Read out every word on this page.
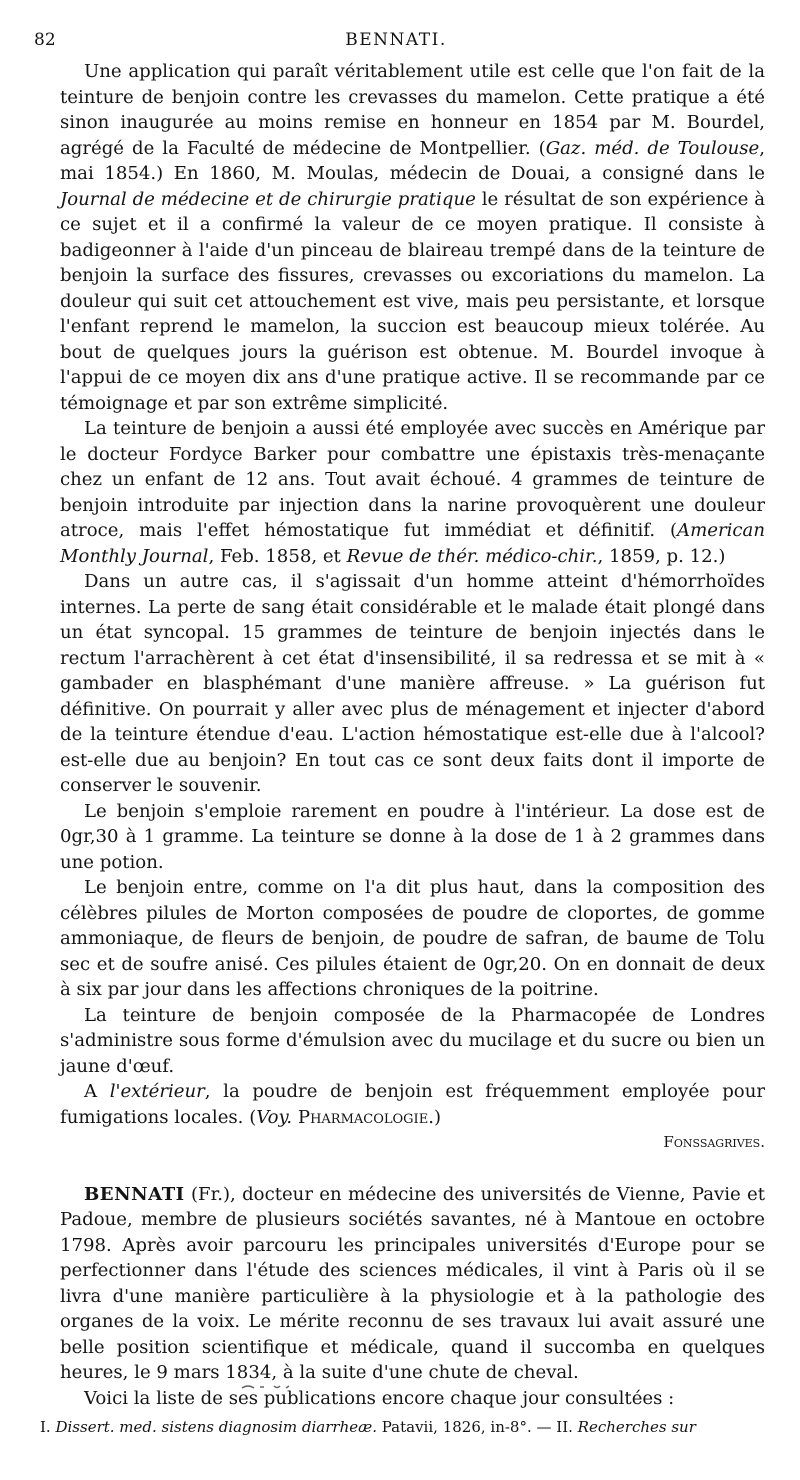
82	BENNATI.

Une application qui paraît véritablement utile est celle que l'on fait de la teinture de benjoin contre les crevasses du mamelon. Cette pratique a été sinon inaugurée au moins remise en honneur en 1854 par M. Bourdel, agrégé de la Faculté de médecine de Montpellier. (Gaz. méd. de Toulouse, mai 1854.) En 1860, M. Moulas, médecin de Douai, a consigné dans le Journal de médecine et de chirurgie pratique le résultat de son expérience à ce sujet et il a confirmé la valeur de ce moyen pratique. Il consiste à badigeonner à l'aide d'un pinceau de blaireau trempé dans de la teinture de benjoin la surface des fissures, crevasses ou excoriations du mamelon. La douleur qui suit cet attouchement est vive, mais peu persistante, et lorsque l'enfant reprend le mamelon, la succion est beaucoup mieux tolérée. Au bout de quelques jours la guérison est obtenue. M. Bourdel invoque à l'appui de ce moyen dix ans d'une pratique active. Il se recommande par ce témoignage et par son extrême simplicité.

La teinture de benjoin a aussi été employée avec succès en Amérique par le docteur Fordyce Barker pour combattre une épistaxis très-menaçante chez un enfant de 12 ans. Tout avait échoué. 4 grammes de teinture de benjoin introduite par injection dans la narine provoquèrent une douleur atroce, mais l'effet hémostatique fut immédiat et définitif. (American Monthly Journal, Feb. 1858, et Revue de thér. médico-chir., 1859, p. 12.)

Dans un autre cas, il s'agissait d'un homme atteint d'hémorrhoïdes internes. La perte de sang était considérable et le malade était plongé dans un état syncopal. 15 grammes de teinture de benjoin injectés dans le rectum l'arrachèrent à cet état d'insensibilité, il sa redressa et se mit à « gambader en blasphémant d'une manière affreuse. » La guérison fut définitive. On pourrait y aller avec plus de ménagement et injecter d'abord de la teinture étendue d'eau. L'action hémostatique est-elle due à l'alcool? est-elle due au benjoin? En tout cas ce sont deux faits dont il importe de conserver le souvenir.

Le benjoin s'emploie rarement en poudre à l'intérieur. La dose est de 0gr,30 à 1 gramme. La teinture se donne à la dose de 1 à 2 grammes dans une potion.

Le benjoin entre, comme on l'a dit plus haut, dans la composition des célèbres pilules de Morton composées de poudre de cloportes, de gomme ammoniaque, de fleurs de benjoin, de poudre de safran, de baume de Tolu sec et de soufre anisé. Ces pilules étaient de 0gr,20. On en donnait de deux à six par jour dans les affections chroniques de la poitrine.

La teinture de benjoin composée de la Pharmacopée de Londres s'administre sous forme d'émulsion avec du mucilage et du sucre ou bien un jaune d'œuf.

A l'extérieur, la poudre de benjoin est fréquemment employée pour fumigations locales. (Voy. Pharmacologie.)

Fonssagrives.

BENNATI (Fr.), docteur en médecine des universités de Vienne, Pavie et Padoue, membre de plusieurs sociétés savantes, né à Mantoue en octobre 1798. Après avoir parcouru les principales universités d'Europe pour se perfectionner dans l'étude des sciences médicales, il vint à Paris où il se livra d'une manière particulière à la physiologie et à la pathologie des organes de la voix. Le mérite reconnu de ses travaux lui avait assuré une belle position scientifique et médicale, quand il succomba en quelques heures, le 9 mars 1834, à la suite d'une chute de cheval.

Voici la liste de ses publications encore chaque jour consultées :

I. Dissert. med. sistens diagnosim diarrheæ. Patavii, 1826, in-8°. — II. Recherches sur
